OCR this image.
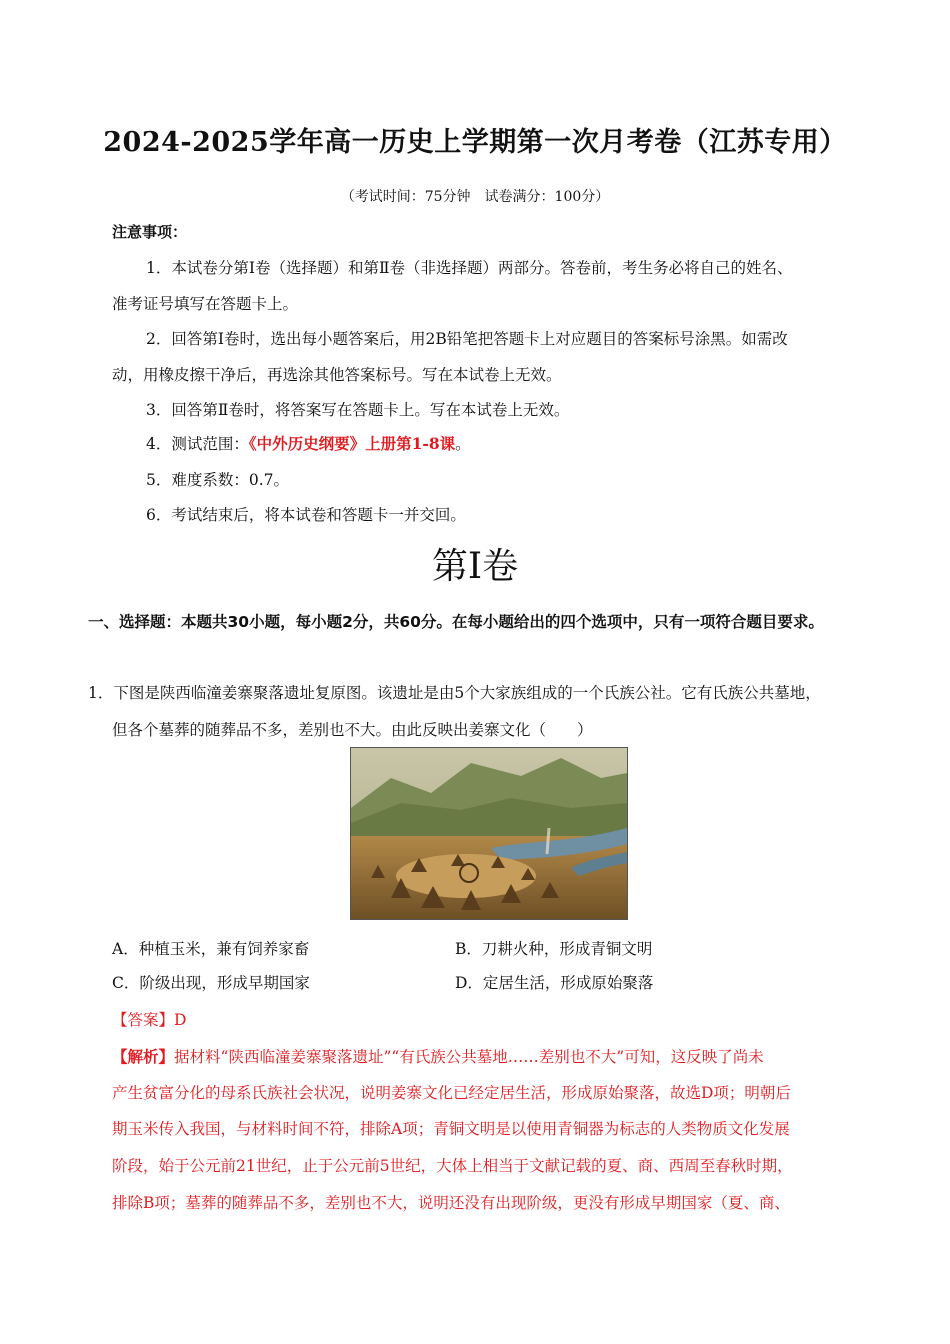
2024-2025学年高一历史上学期第一次月考卷（江苏专用）
（考试时间：75分钟　试卷满分：100分）
注意事项：
1．本试卷分第Ⅰ卷（选择题）和第Ⅱ卷（非选择题）两部分。答卷前，考生务必将自己的姓名、
准考证号填写在答题卡上。
2．回答第Ⅰ卷时，选出每小题答案后，用2B铅笔把答题卡上对应题目的答案标号涂黑。如需改
动，用橡皮擦干净后，再选涂其他答案标号。写在本试卷上无效。
3．回答第Ⅱ卷时，将答案写在答题卡上。写在本试卷上无效。
4．测试范围：《中外历史纲要》上册第1-8课。
5．难度系数：0.7。
6．考试结束后，将本试卷和答题卡一并交回。
第Ⅰ卷
一、选择题：本题共30小题，每小题2分，共60分。在每小题给出的四个选项中，只有一项符合题目要求。
1．下图是陕西临潼姜寨聚落遗址复原图。该遗址是由5个大家族组成的一个氏族公社。它有氏族公共墓地，
但各个墓葬的随葬品不多，差别也不大。由此反映出姜寨文化（　　）
A．种植玉米，兼有饲养家畜	B．刀耕火种，形成青铜文明
C．阶级出现，形成早期国家	D．定居生活，形成原始聚落
【答案】D
【解析】据材料“陕西临潼姜寨聚落遗址”“有氏族公共墓地……差别也不大”可知，这反映了尚未
产生贫富分化的母系氏族社会状况，说明姜寨文化已经定居生活，形成原始聚落，故选D项；明朝后
期玉米传入我国，与材料时间不符，排除A项；青铜文明是以使用青铜器为标志的人类物质文化发展
阶段，始于公元前21世纪，止于公元前5世纪，大体上相当于文献记载的夏、商、西周至春秋时期，
排除B项；墓葬的随葬品不多，差别也不大，说明还没有出现阶级，更没有形成早期国家（夏、商、
